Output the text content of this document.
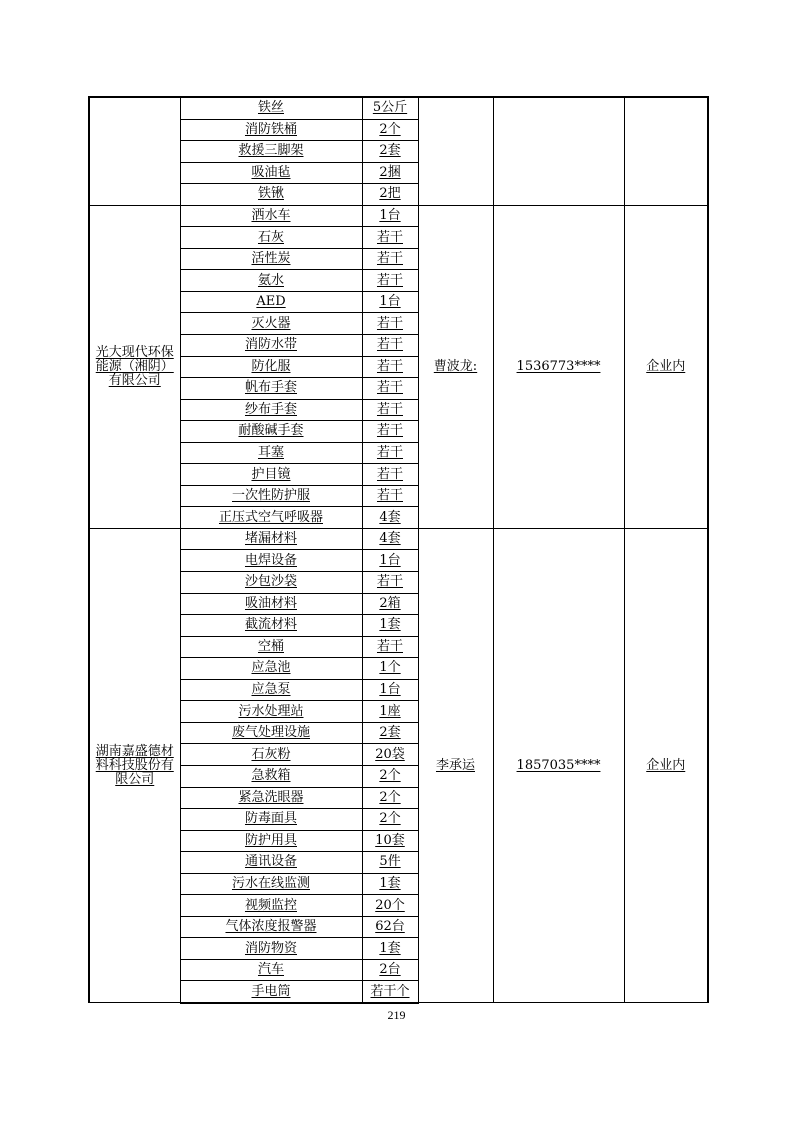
	铁丝	5公斤			
	消防铁桶	2个			
	救援三脚架	2套			
	吸油毡	2捆			
	铁锹	2把			
光大现代环保能源（湘阴）有限公司	洒水车	1台	曹波龙:	1536773****	企业内
	石灰	若干			
	活性炭	若干			
	氨水	若干			
	AED	1台			
	灭火器	若干			
	消防水带	若干			
	防化服	若干			
	帆布手套	若干			
	纱布手套	若干			
	耐酸碱手套	若干			
	耳塞	若干			
	护目镜	若干			
	一次性防护服	若干			
	正压式空气呼吸器	4套			
湖南嘉盛德材料科技股份有限公司	堵漏材料	4套	李承运	1857035****	企业内
	电焊设备	1台			
	沙包沙袋	若干			
	吸油材料	2箱			
	截流材料	1套			
	空桶	若干			
	应急池	1个			
	应急泵	1台			
	污水处理站	1座			
	废气处理设施	2套			
	石灰粉	20袋			
	急救箱	2个			
	紧急洗眼器	2个			
	防毒面具	2个			
	防护用具	10套			
	通讯设备	5件			
	污水在线监测	1套			
	视频监控	20个			
	气体浓度报警器	62台			
	消防物资	1套			
	汽车	2台			
	手电筒	若干个			
219
